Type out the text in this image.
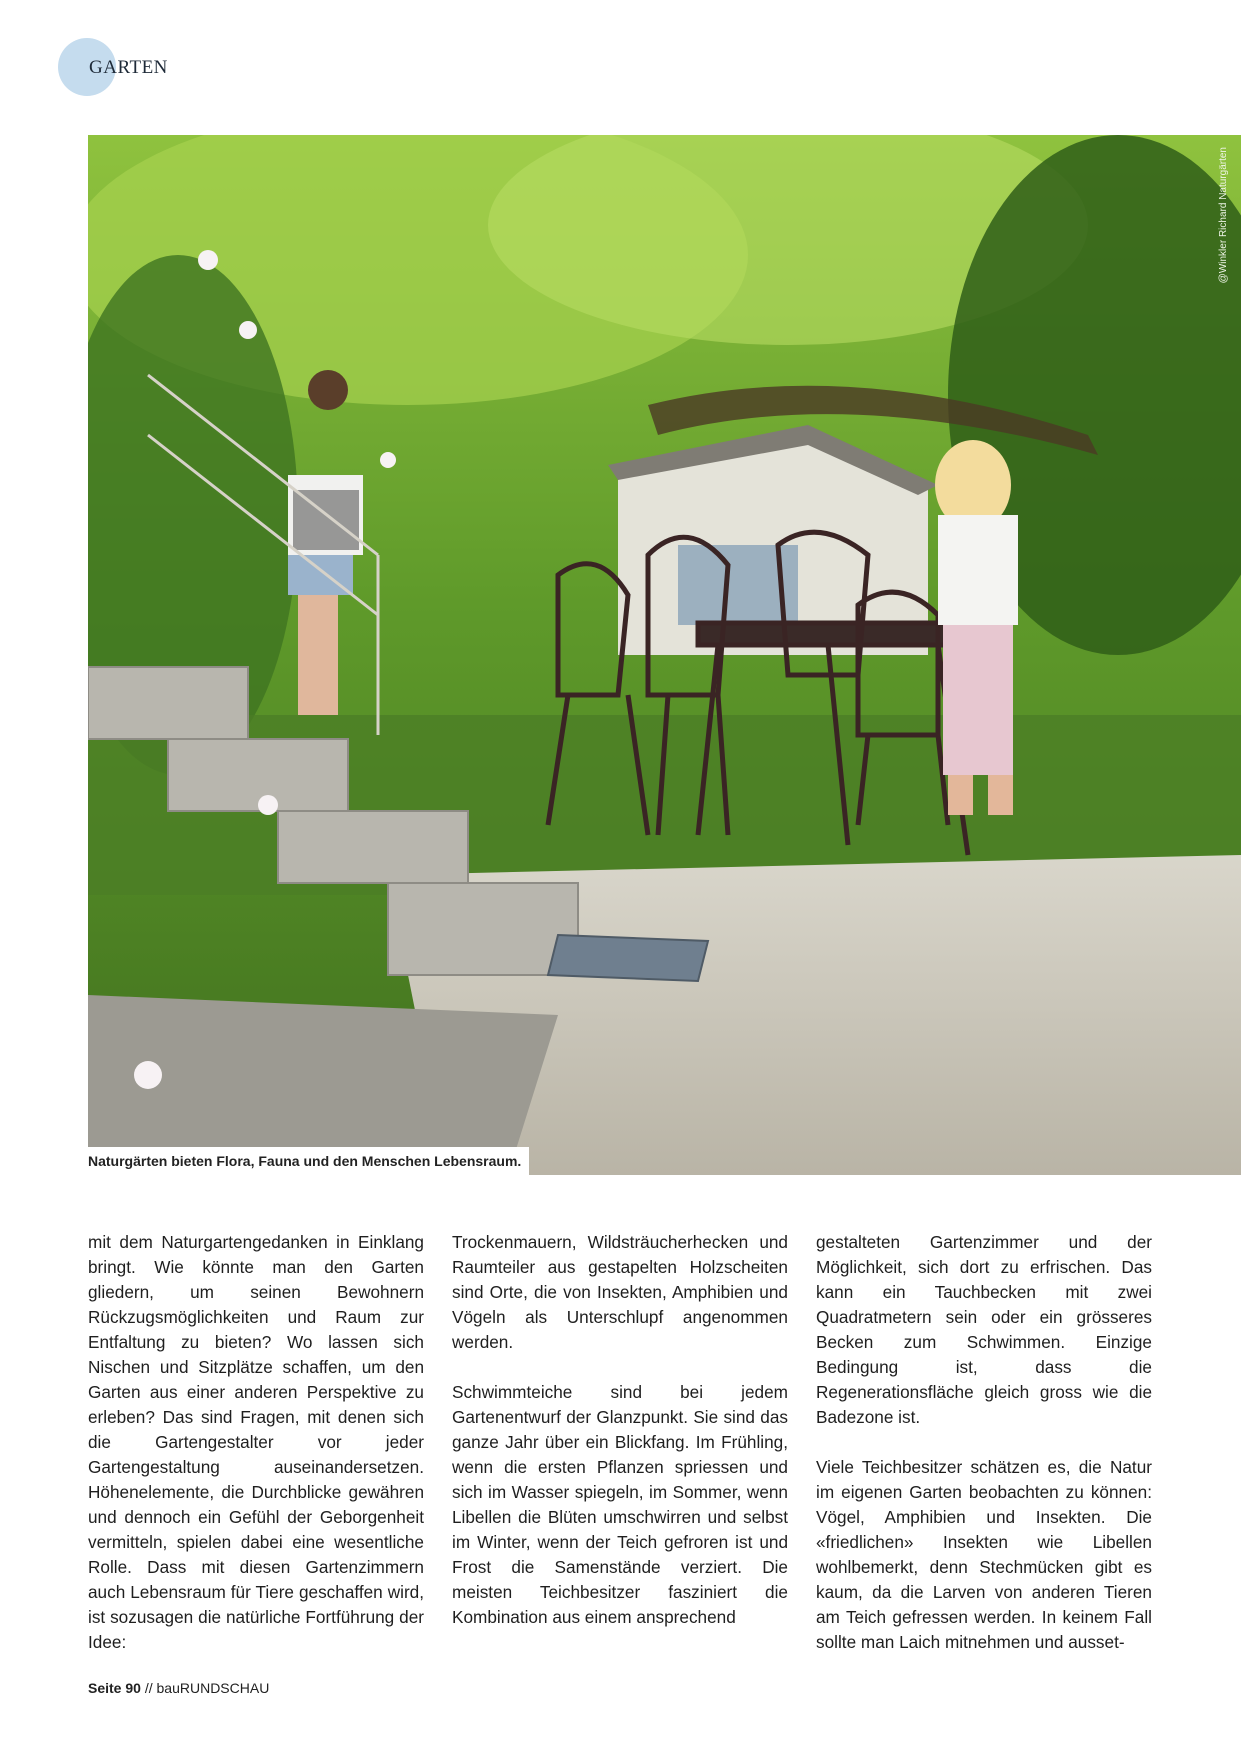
GARTEN
@Winkler Richard Naturgärten
Naturgärten bieten Flora, Fauna und den Menschen Lebensraum.

mit dem Naturgartengedanken in Einklang bringt. Wie könnte man den Garten gliedern, um seinen Bewohnern Rückzugsmöglichkeiten und Raum zur Entfaltung zu bieten? Wo lassen sich Nischen und Sitzplätze schaffen, um den Garten aus einer anderen Perspektive zu erleben? Das sind Fragen, mit denen sich die Gartengestalter vor jeder Gartengestaltung auseinandersetzen. Höhenelemente, die Durchblicke gewähren und dennoch ein Gefühl der Geborgenheit vermitteln, spielen dabei eine wesentliche Rolle. Dass mit diesen Gartenzimmern auch Lebensraum für Tiere geschaffen wird, ist sozusagen die natürliche Fortführung der Idee:

Trockenmauern, Wildsträucherhecken und Raumteiler aus gestapelten Holzscheiten sind Orte, die von Insekten, Amphibien und Vögeln als Unterschlupf angenommen werden.

Schwimmteiche sind bei jedem Gartenentwurf der Glanzpunkt. Sie sind das ganze Jahr über ein Blickfang. Im Frühling, wenn die ersten Pflanzen spriessen und sich im Wasser spiegeln, im Sommer, wenn Libellen die Blüten umschwirren und selbst im Winter, wenn der Teich gefroren ist und Frost die Samenstände verziert. Die meisten Teichbesitzer fasziniert die Kombination aus einem ansprechend

gestalteten Gartenzimmer und der Möglichkeit, sich dort zu erfrischen. Das kann ein Tauchbecken mit zwei Quadratmetern sein oder ein grösseres Becken zum Schwimmen. Einzige Bedingung ist, dass die Regenerationsfläche gleich gross wie die Badezone ist.

Viele Teichbesitzer schätzen es, die Natur im eigenen Garten beobachten zu können: Vögel, Amphibien und Insekten. Die «friedlichen» Insekten wie Libellen wohlbemerkt, denn Stechmücken gibt es kaum, da die Larven von anderen Tieren am Teich gefressen werden. In keinem Fall sollte man Laich mitnehmen und ausset-

Seite 90 // bauRUNDSCHAU
